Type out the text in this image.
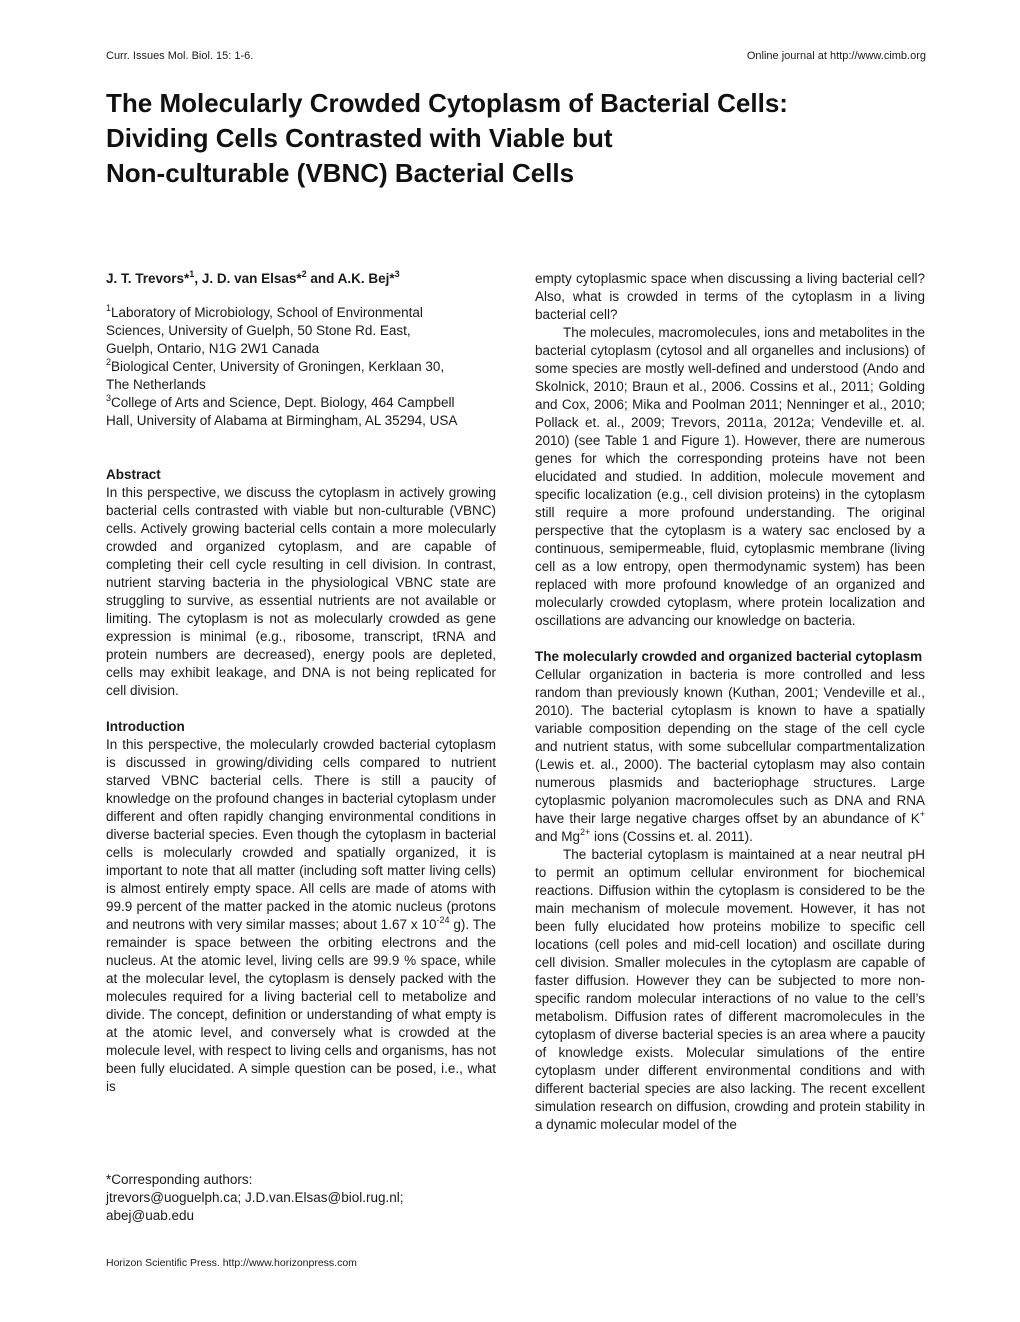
Curr. Issues Mol. Biol. 15: 1-6.	Online journal at http://www.cimb.org
The Molecularly Crowded Cytoplasm of Bacterial Cells:
Dividing Cells Contrasted with Viable but
Non-culturable (VBNC) Bacterial Cells

J. T. Trevors*$^1$, J. D. van Elsas*$^2$ and A.K. Bej*$^3$

$^1$Laboratory of Microbiology, School of Environmental
Sciences, University of Guelph, 50 Stone Rd. East,
Guelph, Ontario, N1G 2W1 Canada
$^2$Biological Center, University of Groningen, Kerklaan 30,
The Netherlands
$^3$College of Arts and Science, Dept. Biology, 464 Campbell
Hall, University of Alabama at Birmingham, AL 35294, USA

Abstract

In this perspective, we discuss the cytoplasm in actively growing bacterial cells contrasted with viable but non-culturable (VBNC) cells. Actively growing bacterial cells contain a more molecularly crowded and organized cytoplasm, and are capable of completing their cell cycle resulting in cell division. In contrast, nutrient starving bacteria in the physiological VBNC state are struggling to survive, as essential nutrients are not available or limiting. The cytoplasm is not as molecularly crowded as gene expression is minimal (e.g., ribosome, transcript, tRNA and protein numbers are decreased), energy pools are depleted, cells may exhibit leakage, and DNA is not being replicated for cell division.

Introduction

In this perspective, the molecularly crowded bacterial cytoplasm is discussed in growing/dividing cells compared to nutrient starved VBNC bacterial cells. There is still a paucity of knowledge on the profound changes in bacterial cytoplasm under different and often rapidly changing environmental conditions in diverse bacterial species. Even though the cytoplasm in bacterial cells is molecularly crowded and spatially organized, it is important to note that all matter (including soft matter living cells) is almost entirely empty space. All cells are made of atoms with 99.9 percent of the matter packed in the atomic nucleus (protons and neutrons with very similar masses; about 1.67 x $10^{-24}$ g). The remainder is space between the orbiting electrons and the nucleus. At the atomic level, living cells are 99.9 % space, while at the molecular level, the cytoplasm is densely packed with the molecules required for a living bacterial cell to metabolize and divide. The concept, definition or understanding of what empty is at the atomic level, and conversely what is crowded at the molecule level, with respect to living cells and organisms, has not been fully elucidated. A simple question can be posed, i.e., what is

*Corresponding authors:
jtrevors@uoguelph.ca; J.D.van.Elsas@biol.rug.nl;
abej@uab.edu

empty cytoplasmic space when discussing a living bacterial cell? Also, what is crowded in terms of the cytoplasm in a living bacterial cell?

The molecules, macromolecules, ions and metabolites in the bacterial cytoplasm (cytosol and all organelles and inclusions) of some species are mostly well-defined and understood (Ando and Skolnick, 2010; Braun et al., 2006. Cossins et al., 2011; Golding and Cox, 2006; Mika and Poolman 2011; Nenninger et al., 2010; Pollack et. al., 2009; Trevors, 2011a, 2012a; Vendeville et. al. 2010) (see Table 1 and Figure 1). However, there are numerous genes for which the corresponding proteins have not been elucidated and studied. In addition, molecule movement and specific localization (e.g., cell division proteins) in the cytoplasm still require a more profound understanding. The original perspective that the cytoplasm is a watery sac enclosed by a continuous, semipermeable, fluid, cytoplasmic membrane (living cell as a low entropy, open thermodynamic system) has been replaced with more profound knowledge of an organized and molecularly crowded cytoplasm, where protein localization and oscillations are advancing our knowledge on bacteria.

The molecularly crowded and organized bacterial cytoplasm

Cellular organization in bacteria is more controlled and less random than previously known (Kuthan, 2001; Vendeville et al., 2010). The bacterial cytoplasm is known to have a spatially variable composition depending on the stage of the cell cycle and nutrient status, with some subcellular compartmentalization (Lewis et. al., 2000). The bacterial cytoplasm may also contain numerous plasmids and bacteriophage structures. Large cytoplasmic polyanion macromolecules such as DNA and RNA have their large negative charges offset by an abundance of K+ and $Mg^{2+}$ ions (Cossins et. al. 2011).

The bacterial cytoplasm is maintained at a near neutral pH to permit an optimum cellular environment for biochemical reactions. Diffusion within the cytoplasm is considered to be the main mechanism of molecule movement. However, it has not been fully elucidated how proteins mobilize to specific cell locations (cell poles and mid-cell location) and oscillate during cell division. Smaller molecules in the cytoplasm are capable of faster diffusion. However they can be subjected to more non-specific random molecular interactions of no value to the cell’s metabolism. Diffusion rates of different macromolecules in the cytoplasm of diverse bacterial species is an area where a paucity of knowledge exists. Molecular simulations of the entire cytoplasm under different environmental conditions and with different bacterial species are also lacking. The recent excellent simulation research on diffusion, crowding and protein stability in a dynamic molecular model of the

Horizon Scientific Press. http://www.horizonpress.com
